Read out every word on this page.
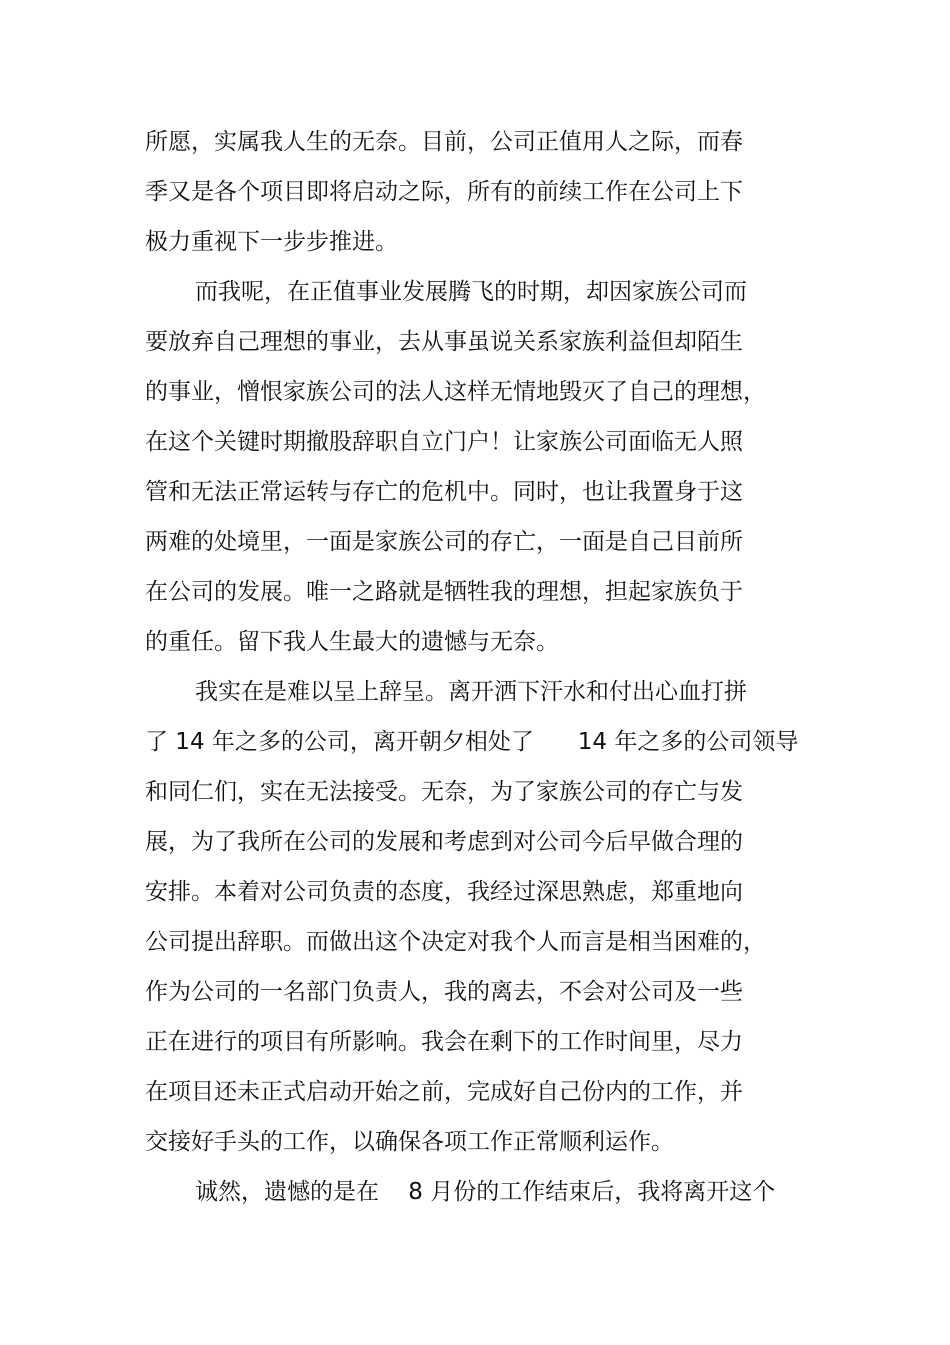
所愿，实属我人生的无奈。目前，公司正值用人之际，而春
季又是各个项目即将启动之际，所有的前续工作在公司上下
极力重视下一步步推进。
而我呢，在正值事业发展腾飞的时期，却因家族公司而
要放弃自己理想的事业，去从事虽说关系家族利益但却陌生
的事业，憎恨家族公司的法人这样无情地毁灭了自己的理想，
在这个关键时期撤股辞职自立门户！让家族公司面临无人照
管和无法正常运转与存亡的危机中。同时，也让我置身于这
两难的处境里，一面是家族公司的存亡，一面是自己目前所
在公司的发展。唯一之路就是牺牲我的理想，担起家族负于
的重任。留下我人生最大的遗憾与无奈。
我实在是难以呈上辞呈。离开洒下汗水和付出心血打拼
了 14 年之多的公司，离开朝夕相处了      14 年之多的公司领导
和同仁们，实在无法接受。无奈，为了家族公司的存亡与发
展，为了我所在公司的发展和考虑到对公司今后早做合理的
安排。本着对公司负责的态度，我经过深思熟虑，郑重地向
公司提出辞职。而做出这个决定对我个人而言是相当困难的，
作为公司的一名部门负责人，我的离去，不会对公司及一些
正在进行的项目有所影响。我会在剩下的工作时间里，尽力
在项目还未正式启动开始之前，完成好自己份内的工作，并
交接好手头的工作，以确保各项工作正常顺利运作。
诚然，遗憾的是在    8 月份的工作结束后，我将离开这个
